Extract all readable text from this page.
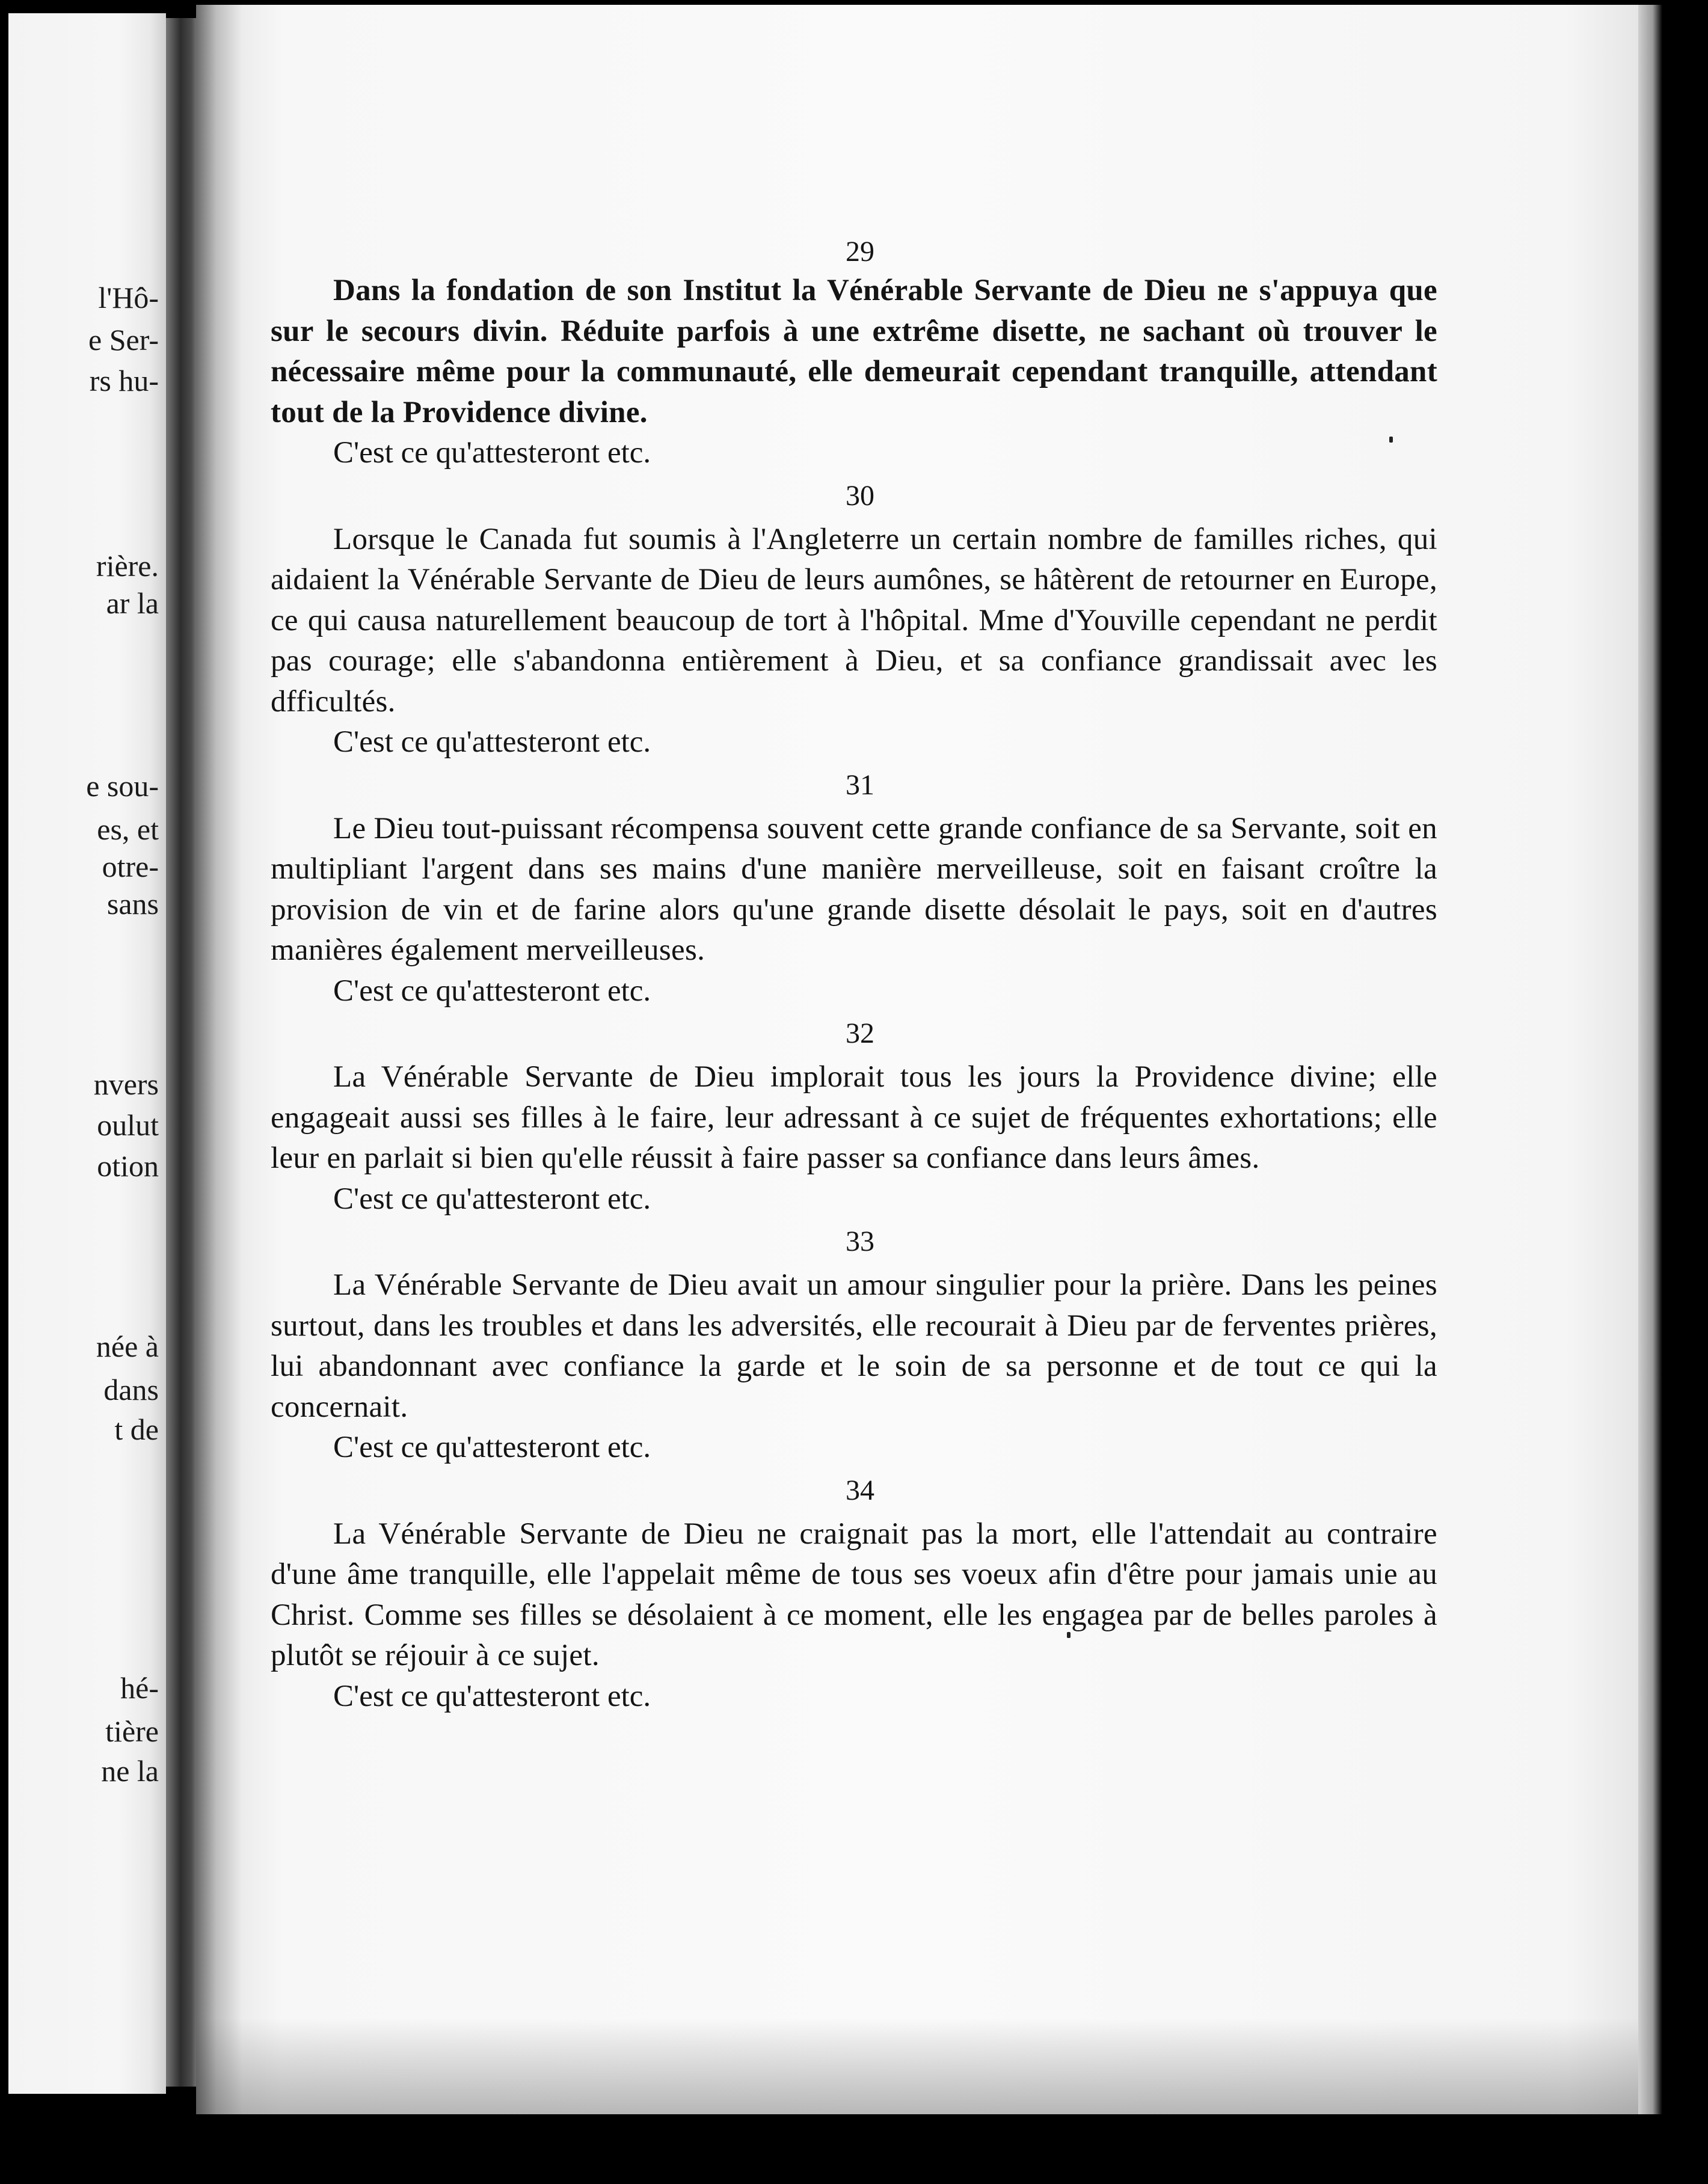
l'Hô-
e Ser-
rs hu-
rière.
ar la
e sou-
es, et
otre-
sans
nvers
oulut
otion
née à
dans
t de
hé-
tière
ne la

29

Dans la fondation de son Institut la Vénérable Servante de Dieu ne s'appuya que sur le secours divin. Réduite parfois à une extrême disette, ne sachant où trouver le nécessaire même pour la communauté, elle demeurait cependant tranquille, attendant tout de la Providence divine.

C'est ce qu'attesteront etc.

30

Lorsque le Canada fut soumis à l'Angleterre un certain nombre de familles riches, qui aidaient la Vénérable Servante de Dieu de leurs aumônes, se hâtèrent de retourner en Europe, ce qui causa naturellement beaucoup de tort à l'hôpital. Mme d'Youville cependant ne perdit pas courage; elle s'abandonna entièrement à Dieu, et sa confiance grandissait avec les dfficultés.

C'est ce qu'attesteront etc.

31

Le Dieu tout-puissant récompensa souvent cette grande confiance de sa Servante, soit en multipliant l'argent dans ses mains d'une manière merveilleuse, soit en faisant croître la provision de vin et de farine alors qu'une grande disette désolait le pays, soit en d'autres manières également merveilleuses.

C'est ce qu'attesteront etc.

32

La Vénérable Servante de Dieu implorait tous les jours la Providence divine; elle engageait aussi ses filles à le faire, leur adressant à ce sujet de fréquentes exhortations; elle leur en parlait si bien qu'elle réussit à faire passer sa confiance dans leurs âmes.

C'est ce qu'attesteront etc.

33

La Vénérable Servante de Dieu avait un amour singulier pour la prière. Dans les peines surtout, dans les troubles et dans les adversités, elle recourait à Dieu par de ferventes prières, lui abandonnant avec confiance la garde et le soin de sa personne et de tout ce qui la concernait.

C'est ce qu'attesteront etc.

34

La Vénérable Servante de Dieu ne craignait pas la mort, elle l'attendait au contraire d'une âme tranquille, elle l'appelait même de tous ses voeux afin d'être pour jamais unie au Christ. Comme ses filles se désolaient à ce moment, elle les engagea par de belles paroles à plutôt se réjouir à ce sujet.

C'est ce qu'attesteront etc.
